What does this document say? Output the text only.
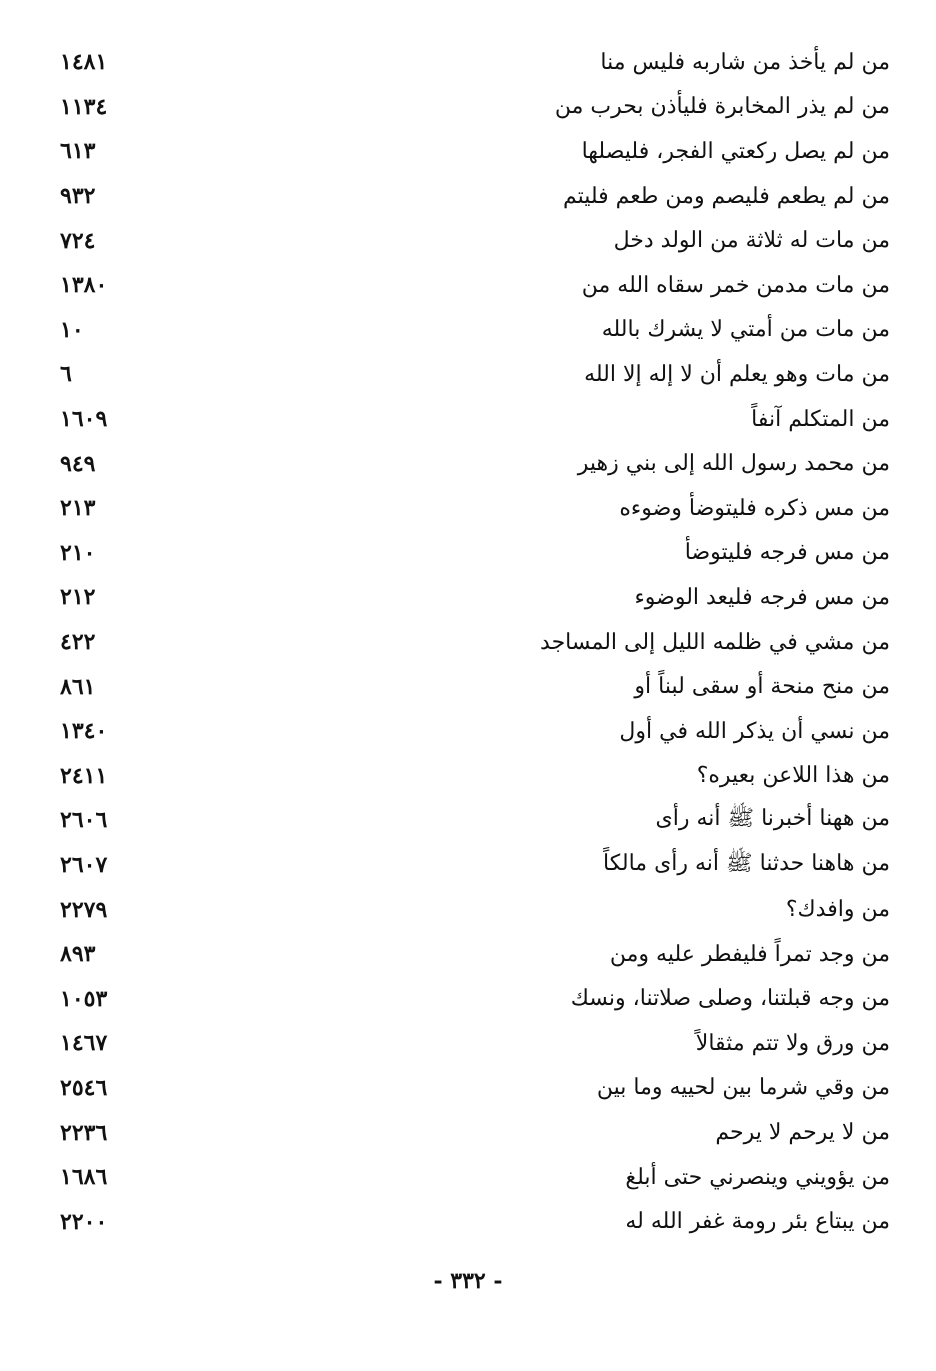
١٤٨١	من لم يأخذ من شاربه فليس منا
١١٣٤	من لم يذر المخابرة فليأذن بحرب من
٦١٣	من لم يصل ركعتي الفجر، فليصلها
٩٣٢	من لم يطعم فليصم ومن طعم فليتم
٧٢٤	من مات له ثلاثة من الولد دخل
١٣٨٠	من مات مدمن خمر سقاه الله من
١٠	من مات من أمتي لا يشرك بالله
٦	من مات وهو يعلم أن لا إله إلا الله
١٦٠٩	من المتكلم آنفاً
٩٤٩	من محمد رسول الله إلى بني زهير
٢١٣	من مس ذكره فليتوضأ وضوءه
٢١٠	من مس فرجه فليتوضأ
٢١٢	من مس فرجه فليعد الوضوء
٤٢٢	من مشي في ظلمه الليل إلى المساجد
٨٦١	من منح منحة أو سقى لبناً أو
١٣٤٠	من نسي أن يذكر الله في أول
٢٤١١	من هذا اللاعن بعيره؟
٢٦٠٦	من ههنا أخبرنا ﷺ أنه رأى
٢٦٠٧	من هاهنا حدثنا ﷺ أنه رأى مالكاً
٢٢٧٩	من وافدك؟
٨٩٣	من وجد تمراً فليفطر عليه ومن
١٠٥٣	من وجه قبلتنا، وصلى صلاتنا، ونسك
١٤٦٧	من ورق ولا تتم مثقالاً
٢٥٤٦	من وقي شرما بين لحييه وما بين
٢٢٣٦	من لا يرحم لا يرحم
١٦٨٦	من يؤويني وينصرني حتى أبلغ
٢٢٠٠	من يبتاع بئر رومة غفر الله له
- ٣٣٢ -
